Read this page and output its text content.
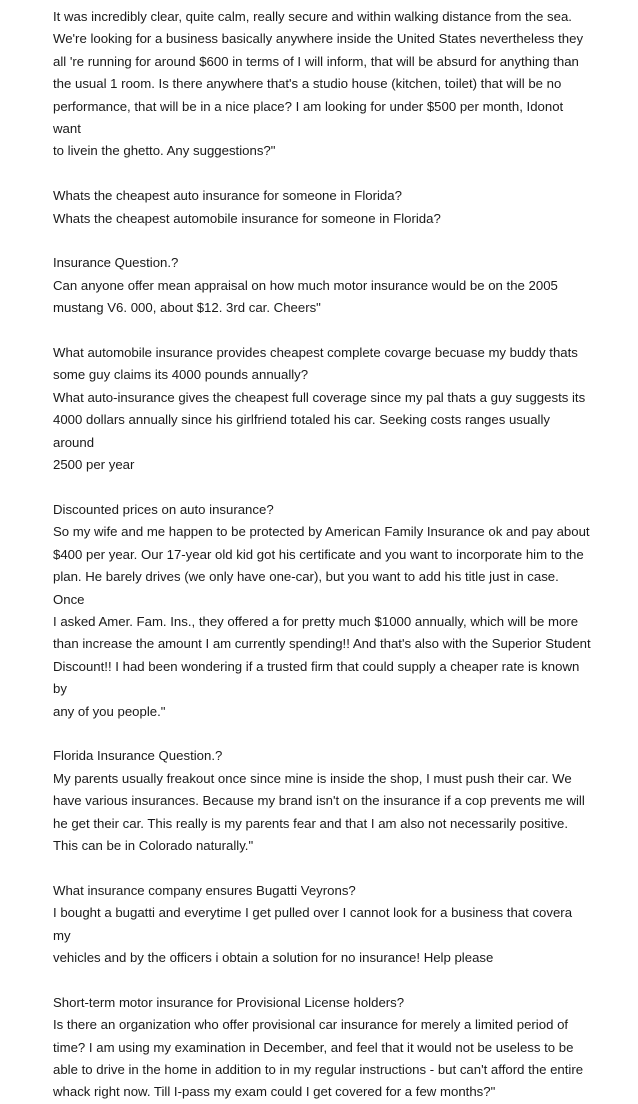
It was incredibly clear, quite calm, really secure and within walking distance from the sea.
We're looking for a business basically anywhere inside the United States nevertheless they
all 're running for around $600 in terms of I will inform, that will be absurd for anything than
the usual 1 room. Is there anywhere that's a studio house (kitchen, toilet) that will be no
performance, that will be in a nice place? I am looking for under $500 per month, Idonot want
to livein the ghetto. Any suggestions?"

Whats the cheapest auto insurance for someone in Florida?
Whats the cheapest automobile insurance for someone in Florida?

Insurance Question.?
Can anyone offer mean appraisal on how much motor insurance would be on the 2005
mustang V6. 000, about $12. 3rd car. Cheers"

What automobile insurance provides cheapest complete covarge becuase my buddy thats
some guy claims its 4000 pounds annually?
What auto-insurance gives the cheapest full coverage since my pal thats a guy suggests its
4000 dollars annually since his girlfriend totaled his car. Seeking costs ranges usually around
2500 per year

Discounted prices on auto insurance?
So my wife and me happen to be protected by American Family Insurance ok and pay about
$400 per year. Our 17-year old kid got his certificate and you want to incorporate him to the
plan. He barely drives (we only have one-car), but you want to add his title just in case. Once
I asked Amer. Fam. Ins., they offered a for pretty much $1000 annually, which will be more
than increase the amount I am currently spending!! And that's also with the Superior Student
Discount!! I had been wondering if a trusted firm that could supply a cheaper rate is known by
any of you people."

Florida Insurance Question.?
My parents usually freakout once since mine is inside the shop, I must push their car. We
have various insurances. Because my brand isn't on the insurance if a cop prevents me will
he get their car. This really is my parents fear and that I am also not necessarily positive.
This can be in Colorado naturally."

What insurance company ensures Bugatti Veyrons?
I bought a bugatti and everytime I get pulled over I cannot look for a business that covera my
vehicles and by the officers i obtain a solution for no insurance! Help please

Short-term motor insurance for Provisional License holders?
Is there an organization who offer provisional car insurance for merely a limited period of
time? I am using my examination in December, and feel that it would not be useless to be
able to drive in the home in addition to in my regular instructions - but can't afford the entire
whack right now. Till I-pass my exam could I get covered for a few months?"
